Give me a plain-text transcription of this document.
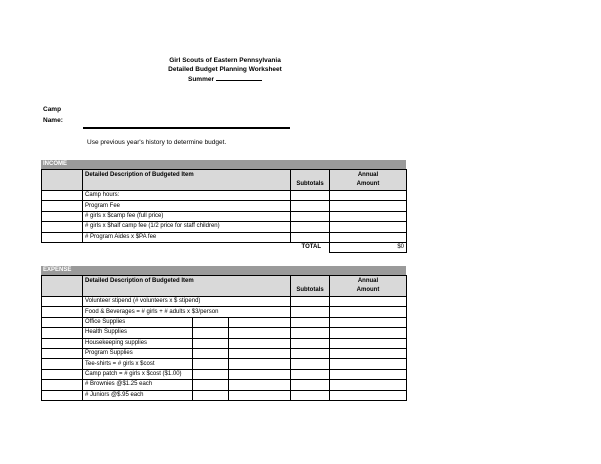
Girl Scouts of Eastern Pennsylvania
Detailed Budget Planning Worksheet
Summer
Camp
Name:
Use previous year's history to determine budget.
INCOME
	Detailed Description of Budgeted Item	Subtotals	Annual
Amount

	Camp hours:		
	Program Fee		
	# girls x $camp fee (full price)		
	# girls x $half camp fee (1/2 price for staff children)		
	# Program Aides x $PA fee		
		TOTAL	$0
EXPENSE
	Detailed Description of Budgeted Item			Subtotals	Annual
Amount

	Volunteer stipend (# volunteers x $ stipend)				
	Food & Beverages = # girls + # adults x $3/person				
	Office Supplies				
	Health Supplies				
	Housekeeping supplies				
	Program Supplies				
	Tee-shirts = # girls x $cost				
	Camp patch = # girls x $cost ($1.00)				
	# Brownies @$1.25 each				
	# Juniors @$.95 each				
